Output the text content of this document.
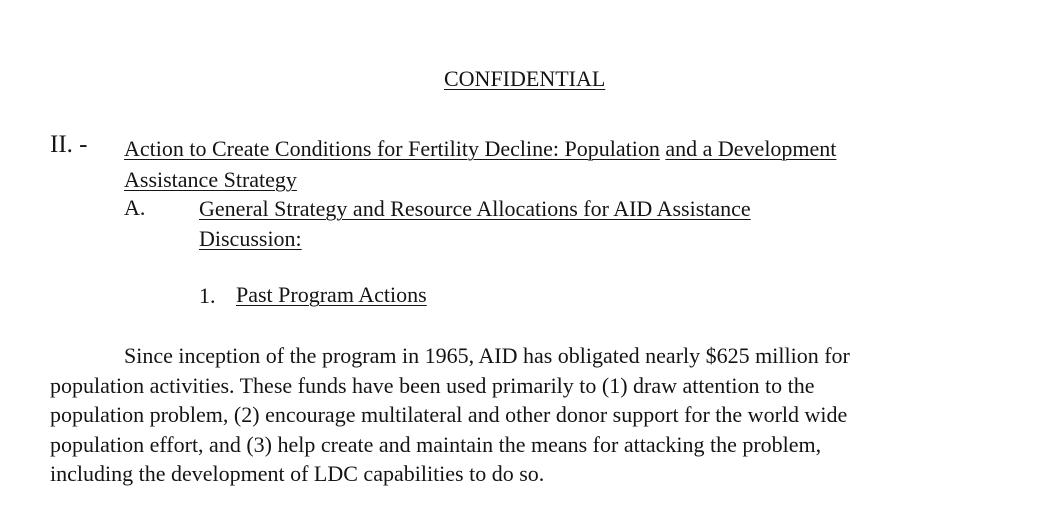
CONFIDENTIAL
II. - Action to Create Conditions for Fertility Decline: Population and a Development
Assistance Strategy
A. General Strategy and Resource Allocations for AID Assistance
Discussion:
1. Past Program Actions
Since inception of the program in 1965, AID has obligated nearly $625 million for
population activities. These funds have been used primarily to (1) draw attention to the
population problem, (2) encourage multilateral and other donor support for the world wide
population effort, and (3) help create and maintain the means for attacking the problem,
including the development of LDC capabilities to do so.
